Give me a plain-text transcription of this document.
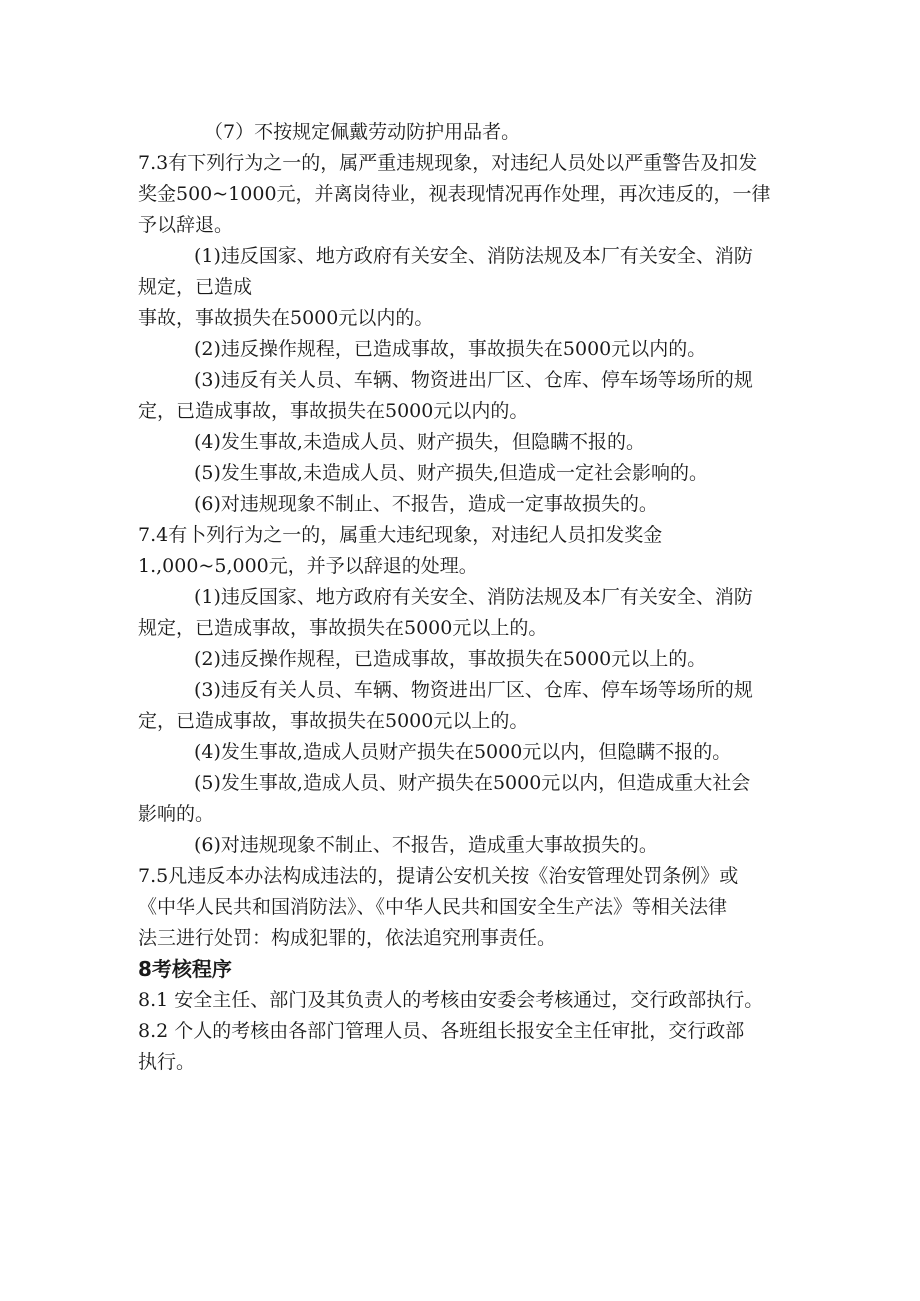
（7）不按规定佩戴劳动防护用品者。

7.3有下列行为之一的，属严重违规现象，对违纪人员处以严重警告及扣发

奖金500~1000元，并离岗待业，视表现情况再作处理，再次违反的，一律

予以辞退。

(1)违反国家、地方政府有关安全、消防法规及本厂有关安全、消防

规定，已造成

事故，事故损失在5000元以内的。

(2)违反操作规程，已造成事故，事故损失在5000元以内的。

(3)违反有关人员、车辆、物资进出厂区、仓库、停车场等场所的规

定，已造成事故，事故损失在5000元以内的。

(4)发生事故,未造成人员、财产损失，但隐瞒不报的。

(5)发生事故,未造成人员、财产损失,但造成一定社会影响的。

(6)对违规现象不制止、不报告，造成一定事故损失的。

7.4有卜列行为之一的，属重大违纪现象，对违纪人员扣发奖金

1.,000~5,000元，并予以辞退的处理。

(1)违反国家、地方政府有关安全、消防法规及本厂有关安全、消防

规定，已造成事故，事故损失在5000元以上的。

(2)违反操作规程，已造成事故，事故损失在5000元以上的。

(3)违反有关人员、车辆、物资进出厂区、仓库、停车场等场所的规

定，已造成事故，事故损失在5000元以上的。

(4)发生事故,造成人员财产损失在5000元以内，但隐瞒不报的。

(5)发生事故,造成人员、财产损失在5000元以内，但造成重大社会

影响的。

(6)对违规现象不制止、不报告，造成重大事故损失的。

7.5凡违反本办法构成违法的，提请公安机关按《治安管理处罚条例》或

《中华人民共和国消防法》、《中华人民共和国安全生产法》等相关法律

法三进行处罚：构成犯罪的，依法追究刑事责任。

8考核程序

8.1 安全主任、部门及其负责人的考核由安委会考核通过，交行政部执行。

8.2 个人的考核由各部门管理人员、各班组长报安全主任审批，交行政部

执行。
